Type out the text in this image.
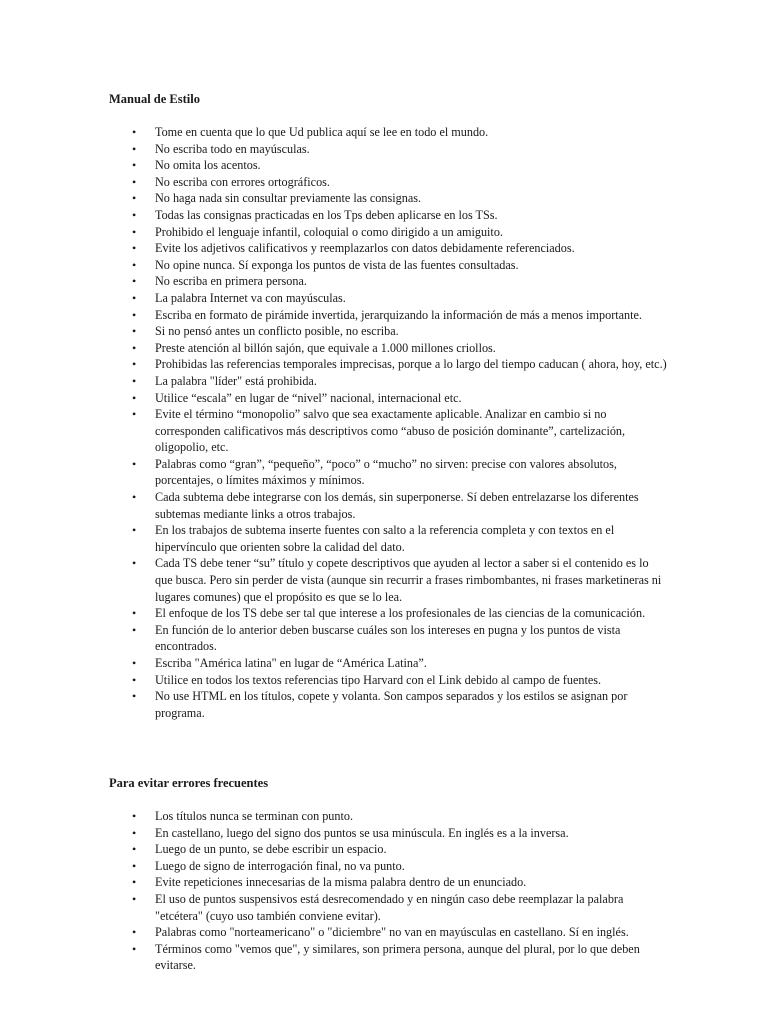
Manual de Estilo
• Tome en cuenta que lo que Ud publica aquí se lee en todo el mundo.
• No escriba todo en mayúsculas.
• No omita los acentos.
• No escriba con errores ortográficos.
• No haga nada sin consultar previamente las consignas.
• Todas las consignas practicadas en los Tps deben aplicarse en los TSs.
• Prohibido el lenguaje infantil, coloquial o como dirigido a un amiguito.
• Evite los adjetivos calificativos y reemplazarlos con datos debidamente referenciados.
• No opine nunca. Sí exponga los puntos de vista de las fuentes consultadas.
• No escriba en primera persona.
• La palabra Internet va con mayúsculas.
• Escriba en formato de pirámide invertida, jerarquizando la información de más a menos importante.
• Si no pensó antes un conflicto posible, no escriba.
• Preste atención al billón sajón, que equivale a 1.000 millones criollos.
• Prohibidas las referencias temporales imprecisas, porque a lo largo del tiempo caducan ( ahora, hoy, etc.)
• La palabra "líder" está prohibida.
• Utilice “escala” en lugar de “nivel” nacional, internacional etc.
• Evite el término “monopolio” salvo que sea exactamente aplicable. Analizar en cambio si no corresponden calificativos más descriptivos como “abuso de posición dominante”, cartelización, oligopolio, etc.
• Palabras como “gran”, “pequeño”, “poco” o “mucho” no sirven: precise con valores absolutos, porcentajes, o límites máximos y mínimos.
• Cada subtema debe integrarse con los demás, sin superponerse. Sí deben entrelazarse los diferentes subtemas mediante links a otros trabajos.
• En los trabajos de subtema inserte fuentes con salto a la referencia completa y con textos en el hipervínculo que orienten sobre la calidad del dato.
• Cada TS debe tener “su” título y copete descriptivos que ayuden al lector a saber si el contenido es lo que busca. Pero sin perder de vista (aunque sin recurrir a frases rimbombantes, ni frases marketineras ni lugares comunes) que el propósito es que se lo lea.
• El enfoque de los TS debe ser tal que interese a los profesionales de las ciencias de la comunicación.
• En función de lo anterior deben buscarse cuáles son los intereses en pugna y los puntos de vista encontrados.
• Escriba "América latina" en lugar de “América Latina”.
• Utilice en todos los textos referencias tipo Harvard con el Link debido al campo de fuentes.
• No use HTML en los títulos, copete y volanta. Son campos separados y los estilos se asignan por programa.
Para evitar errores frecuentes
• Los títulos nunca se terminan con punto.
• En castellano, luego del signo dos puntos se usa minúscula. En inglés es a la inversa.
• Luego de un punto, se debe escribir un espacio.
• Luego de signo de interrogación final, no va punto.
• Evite repeticiones innecesarias de la misma palabra dentro de un enunciado.
• El uso de puntos suspensivos está desrecomendado y en ningún caso debe reemplazar la palabra "etcétera" (cuyo uso también conviene evitar).
• Palabras como "norteamericano" o "diciembre" no van en mayúsculas en castellano. Sí en inglés.
• Términos como "vemos que", y similares, son primera persona, aunque del plural, por lo que deben evitarse.
